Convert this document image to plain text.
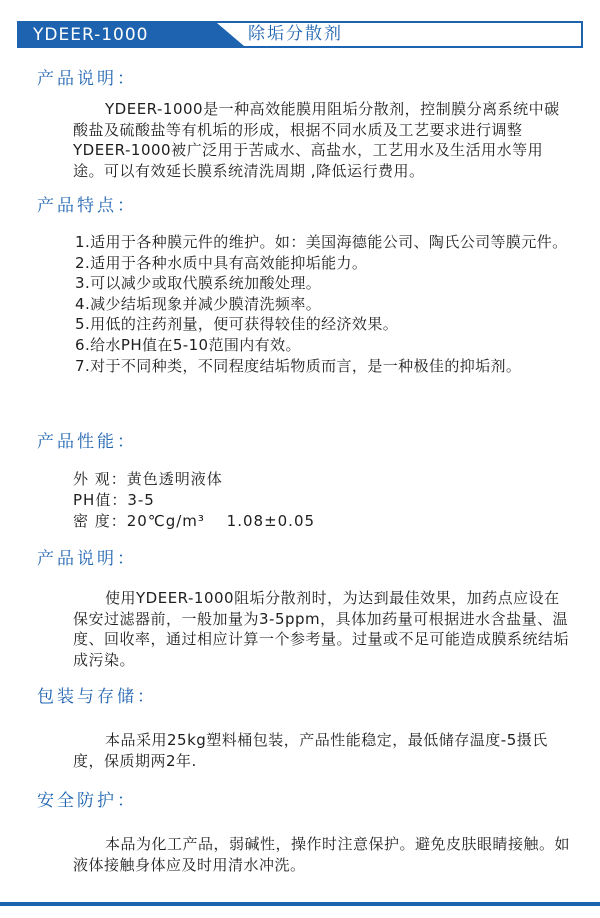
YDEER-1000	除垢分散剂
产品说明：

YDEER-1000是一种高效能膜用阻垢分散剂，控制膜分离系统中碳酸盐及硫酸盐等有机垢的形成，根据不同水质及工艺要求进行调整YDEER-1000被广泛用于苦咸水、高盐水，工艺用水及生活用水等用途。可以有效延长膜系统清洗周期 ,降低运行费用。

产品特点：
1.适用于各种膜元件的维护。如：美国海德能公司、陶氏公司等膜元件。
2.适用于各种水质中具有高效能抑垢能力。
3.可以减少或取代膜系统加酸处理。
4.减少结垢现象并减少膜清洗频率。
5.用低的注药剂量，便可获得较佳的经济效果。
6.给水PH值在5-10范围内有效。
7.对于不同种类，不同程度结垢物质而言，是一种极佳的抑垢剂。
产品性能：
外 观：黄色透明液体
PH值：3-5
密 度：20℃g/m³　 1.08±0.05
产品说明：

使用YDEER-1000阻垢分散剂时，为达到最佳效果，加药点应设在保安过滤器前，一般加量为3-5ppm，具体加药量可根据进水含盐量、温度、回收率，通过相应计算一个参考量。过量或不足可能造成膜系统结垢成污染。

包装与存储：

本品采用25kg塑料桶包装，产品性能稳定，最低储存温度-5摄氏度，保质期两2年.

安全防护：

本品为化工产品，弱碱性，操作时注意保护。避免皮肤眼睛接触。如液体接触身体应及时用清水冲洗。
